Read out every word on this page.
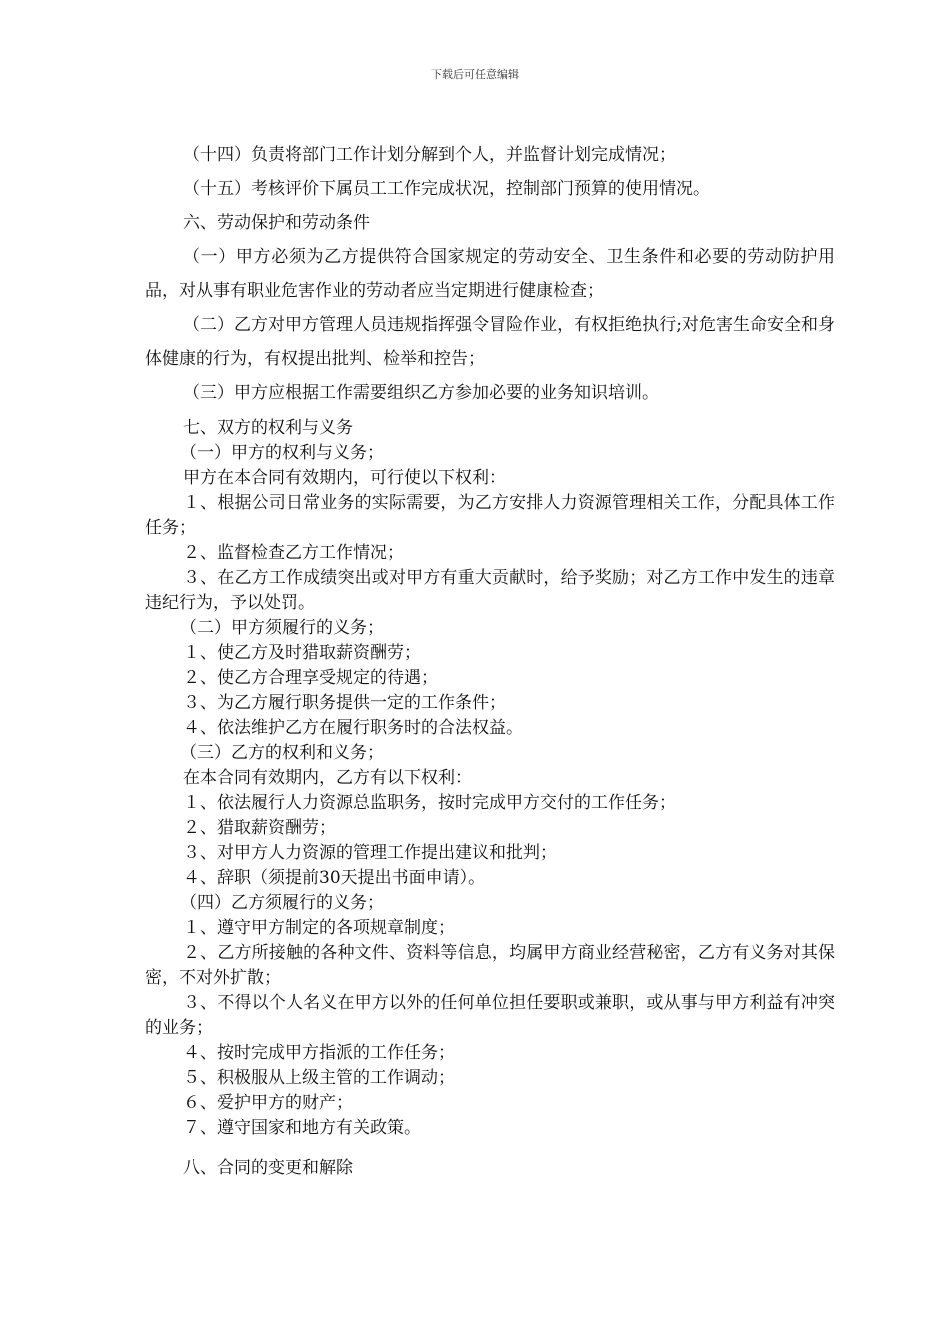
下载后可任意编辑

（十四）负责将部门工作计划分解到个人，并监督计划完成情况；

（十五）考核评价下属员工工作完成状况，控制部门预算的使用情况。

六、劳动保护和劳动条件

（一）甲方必须为乙方提供符合国家规定的劳动安全、卫生条件和必要的劳动防护用品，对从事有职业危害作业的劳动者应当定期进行健康检查；

（二）乙方对甲方管理人员违规指挥强令冒险作业，有权拒绝执行;对危害生命安全和身体健康的行为，有权提出批判、检举和控告；

（三）甲方应根据工作需要组织乙方参加必要的业务知识培训。

七、双方的权利与义务

（一）甲方的权利与义务；

甲方在本合同有效期内，可行使以下权利：

１、根据公司日常业务的实际需要，为乙方安排人力资源管理相关工作，分配具体工作任务；

２、监督检查乙方工作情况；

３、在乙方工作成绩突出或对甲方有重大贡献时，给予奖励；对乙方工作中发生的违章违纪行为，予以处罚。

（二）甲方须履行的义务；

１、使乙方及时猎取薪资酬劳；

２、使乙方合理享受规定的待遇；

３、为乙方履行职务提供一定的工作条件；

４、依法维护乙方在履行职务时的合法权益。

（三）乙方的权利和义务；

在本合同有效期内，乙方有以下权利：

１、依法履行人力资源总监职务，按时完成甲方交付的工作任务；

２、猎取薪资酬劳；

３、对甲方人力资源的管理工作提出建议和批判；

４、辞职（须提前30天提出书面申请）。

（四）乙方须履行的义务；

１、遵守甲方制定的各项规章制度；

２、乙方所接触的各种文件、资料等信息，均属甲方商业经营秘密，乙方有义务对其保密，不对外扩散；

３、不得以个人名义在甲方以外的任何单位担任要职或兼职，或从事与甲方利益有冲突的业务；

４、按时完成甲方指派的工作任务；

５、积极服从上级主管的工作调动；

６、爱护甲方的财产；

７、遵守国家和地方有关政策。

八、合同的变更和解除
